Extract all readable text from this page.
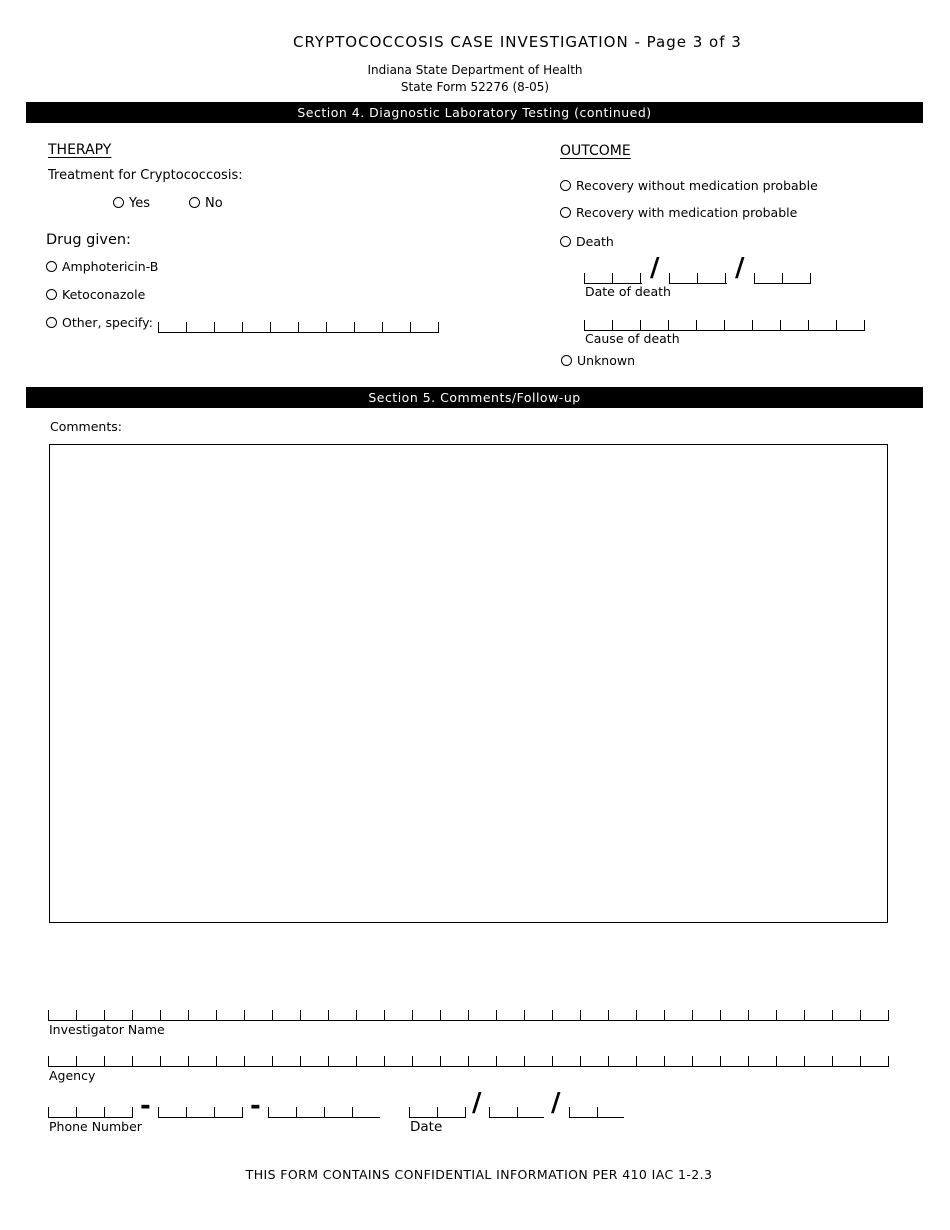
CRYPTOCOCCOSIS CASE INVESTIGATION - Page 3 of 3
Indiana State Department of Health
State Form 52276 (8-05)
Section 4. Diagnostic Laboratory Testing (continued)
THERAPY
Treatment for Cryptococcosis:
Yes	No
Drug given:
Amphotericin-B
Ketoconazole
Other, specify:
OUTCOME
Recovery without medication probable
Recovery with medication probable
Death
/	/
Date of death
Cause of death
Unknown
Section 5. Comments/Follow-up
Comments:
Investigator Name
Agency
-	-
Phone Number
/	/
Date
THIS FORM CONTAINS CONFIDENTIAL INFORMATION PER 410 IAC 1-2.3
